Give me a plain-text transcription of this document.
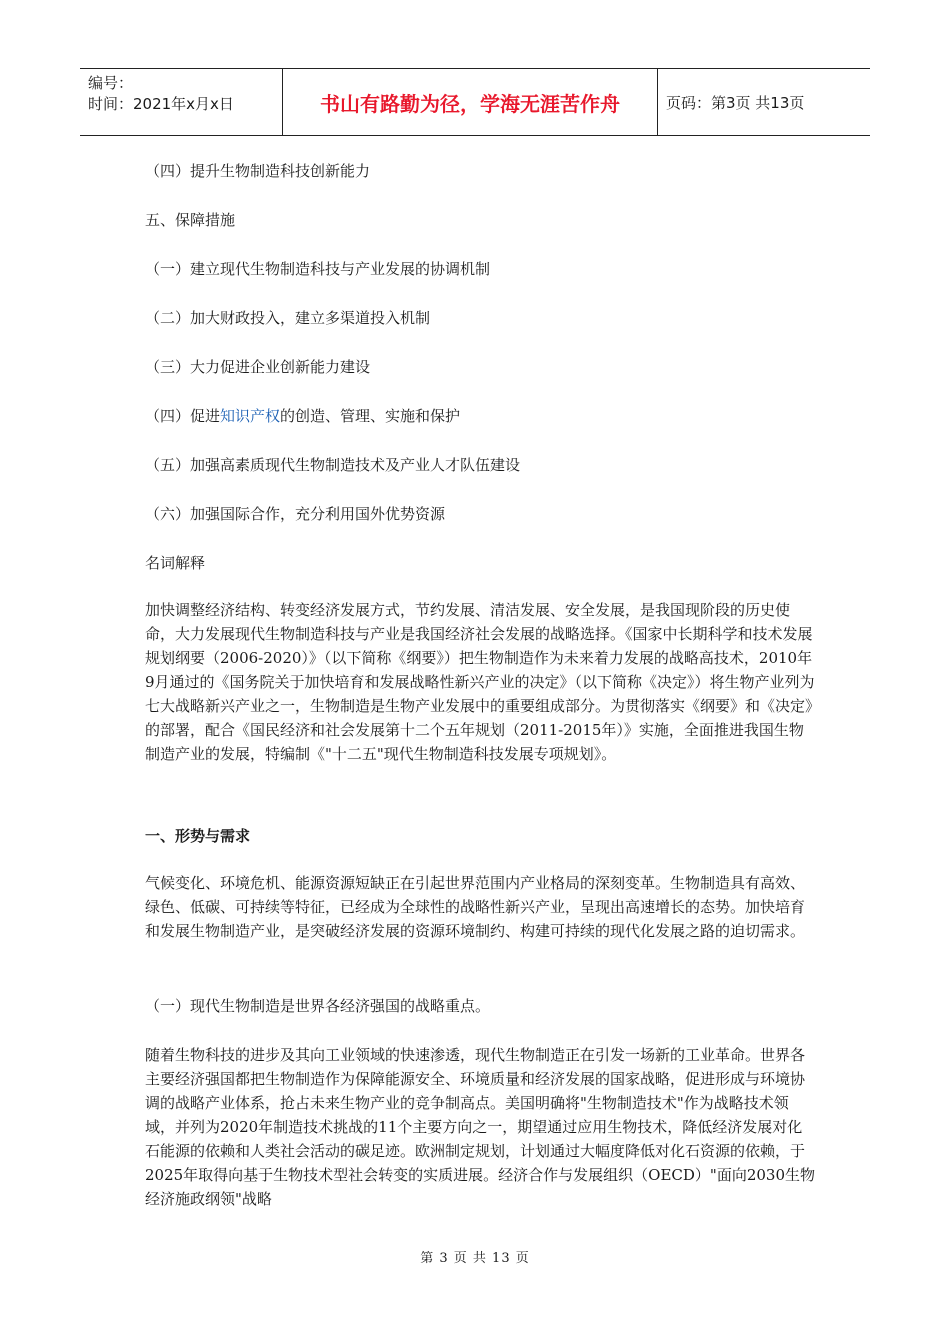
编号：
时间：2021年x月x日	书山有路勤为径，学海无涯苦作舟	页码：第3页 共13页
（四）提升生物制造科技创新能力
五、保障措施
（一）建立现代生物制造科技与产业发展的协调机制
（二）加大财政投入，建立多渠道投入机制
（三）大力促进企业创新能力建设
（四）促进知识产权的创造、管理、实施和保护
（五）加强高素质现代生物制造技术及产业人才队伍建设
（六）加强国际合作，充分利用国外优势资源
名词解释
加快调整经济结构、转变经济发展方式，节约发展、清洁发展、安全发展，是我国现阶段的历史使命，大力发展现代生物制造科技与产业是我国经济社会发展的战略选择。《国家中长期科学和技术发展规划纲要（2006-2020）》（以下简称《纲要》）把生物制造作为未来着力发展的战略高技术，2010年9月通过的《国务院关于加快培育和发展战略性新兴产业的决定》（以下简称《决定》）将生物产业列为七大战略新兴产业之一，生物制造是生物产业发展中的重要组成部分。为贯彻落实《纲要》和《决定》的部署，配合《国民经济和社会发展第十二个五年规划（2011-2015年）》实施，全面推进我国生物制造产业的发展，特编制《"十二五"现代生物制造科技发展专项规划》。
一、形势与需求
气候变化、环境危机、能源资源短缺正在引起世界范围内产业格局的深刻变革。生物制造具有高效、绿色、低碳、可持续等特征，已经成为全球性的战略性新兴产业，呈现出高速增长的态势。加快培育和发展生物制造产业，是突破经济发展的资源环境制约、构建可持续的现代化发展之路的迫切需求。
（一）现代生物制造是世界各经济强国的战略重点。
随着生物科技的进步及其向工业领域的快速渗透，现代生物制造正在引发一场新的工业革命。世界各主要经济强国都把生物制造作为保障能源安全、环境质量和经济发展的国家战略，促进形成与环境协调的战略产业体系，抢占未来生物产业的竞争制高点。美国明确将"生物制造技术"作为战略技术领域，并列为2020年制造技术挑战的11个主要方向之一，期望通过应用生物技术，降低经济发展对化石能源的依赖和人类社会活动的碳足迹。欧洲制定规划，计划通过大幅度降低对化石资源的依赖，于2025年取得向基于生物技术型社会转变的实质进展。经济合作与发展组织（OECD）"面向2030生物经济施政纲领"战略
第 3 页 共 13 页
